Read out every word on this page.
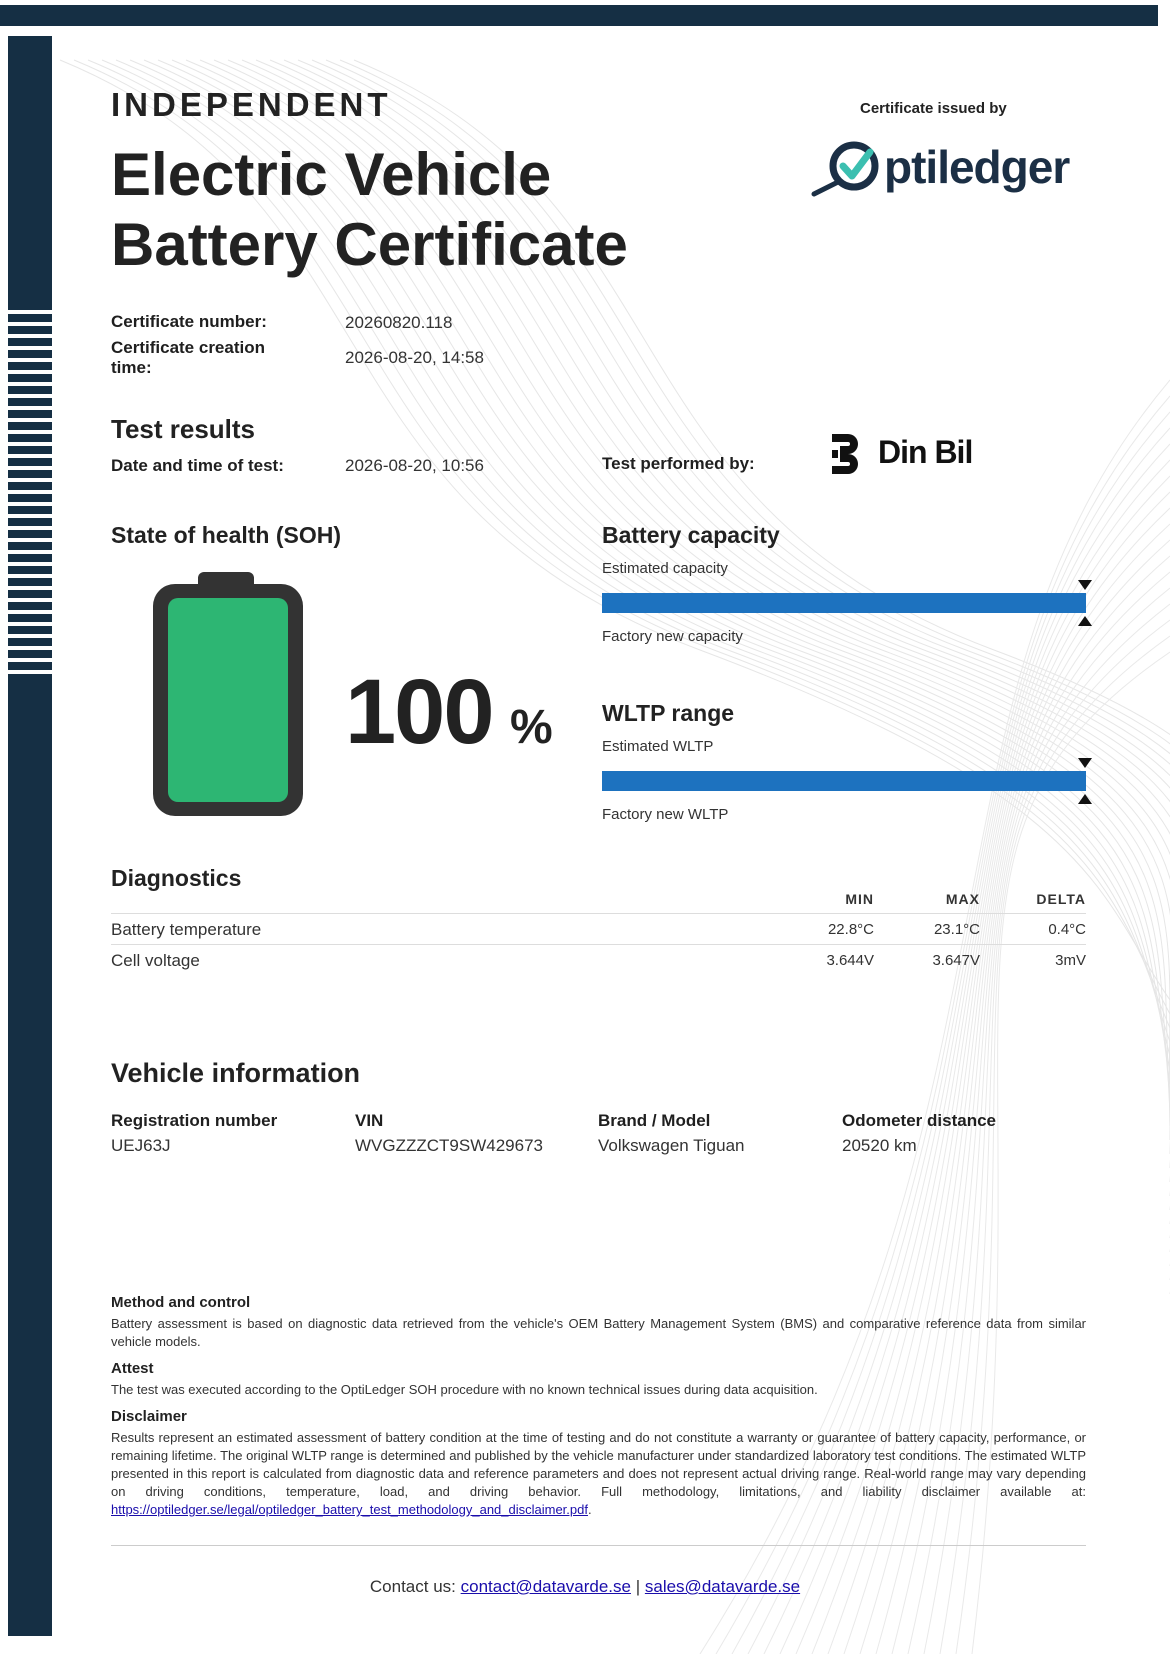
INDEPENDENT
Electric Vehicle
Battery Certificate
Certificate issued by
ptiledger
Certificate number:	20260820.118
Certificate creation
time:
2026-08-20, 14:58
Test results
Date and time of test:	2026-08-20, 10:56	Test performed by:	Din Bil
State of health (SOH)
100 %
Battery capacity
Estimated capacity
Factory new capacity
WLTP range
Estimated WLTP
Factory new WLTP
Diagnostics
MIN	MAX	DELTA
Battery temperature	22.8°C	23.1°C	0.4°C
Cell voltage	3.644V	3.647V	3mV
Vehicle information
Registration number
UEJ63J
VIN
WVGZZZCT9SW429673
Brand / Model
Volkswagen Tiguan
Odometer distance
20520 km
Method and control
Battery assessment is based on diagnostic data retrieved from the vehicle's OEM Battery Management System (BMS) and comparative reference data from similar vehicle models.
Attest
The test was executed according to the OptiLedger SOH procedure with no known technical issues during data acquisition.
Disclaimer
Results represent an estimated assessment of battery condition at the time of testing and do not constitute a warranty or guarantee of battery capacity, performance, or remaining lifetime. The original WLTP range is determined and published by the vehicle manufacturer under standardized laboratory test conditions. The estimated WLTP presented in this report is calculated from diagnostic data and reference parameters and does not represent actual driving range. Real-world range may vary depending on driving conditions, temperature, load, and driving behavior. Full methodology, limitations, and liability disclaimer available at: https://optiledger.se/legal/optiledger_battery_test_methodology_and_disclaimer.pdf.
Contact us: contact@datavarde.se | sales@datavarde.se
